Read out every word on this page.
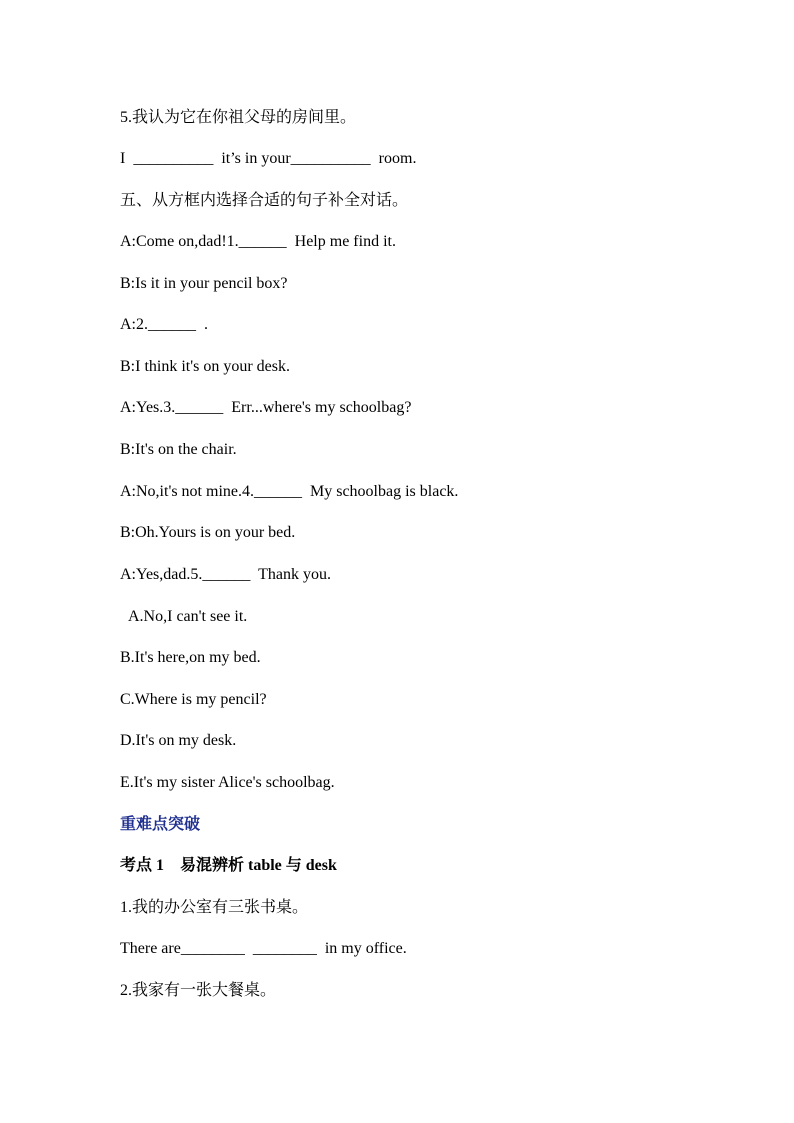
5.我认为它在你祖父母的房间里。
I  __________  it’s in your__________  room.
五、从方框内选择合适的句子补全对话。
A:Come on,dad!1.______  Help me find it.
B:Is it in your pencil box?
A:2.______  .
B:I think it's on your desk.
A:Yes.3.______  Err...where's my schoolbag?
B:It's on the chair.
A:No,it's not mine.4.______  My schoolbag is black.
B:Oh.Yours is on your bed.
A:Yes,dad.5.______  Thank you.
A.No,I can't see it.
B.It's here,on my bed.
C.Where is my pencil?
D.It's on my desk.
E.It's my sister Alice's schoolbag.
重难点突破
考点 1    易混辨析 table 与 desk
1.我的办公室有三张书桌。
There are________  ________  in my office.
2.我家有一张大餐桌。
